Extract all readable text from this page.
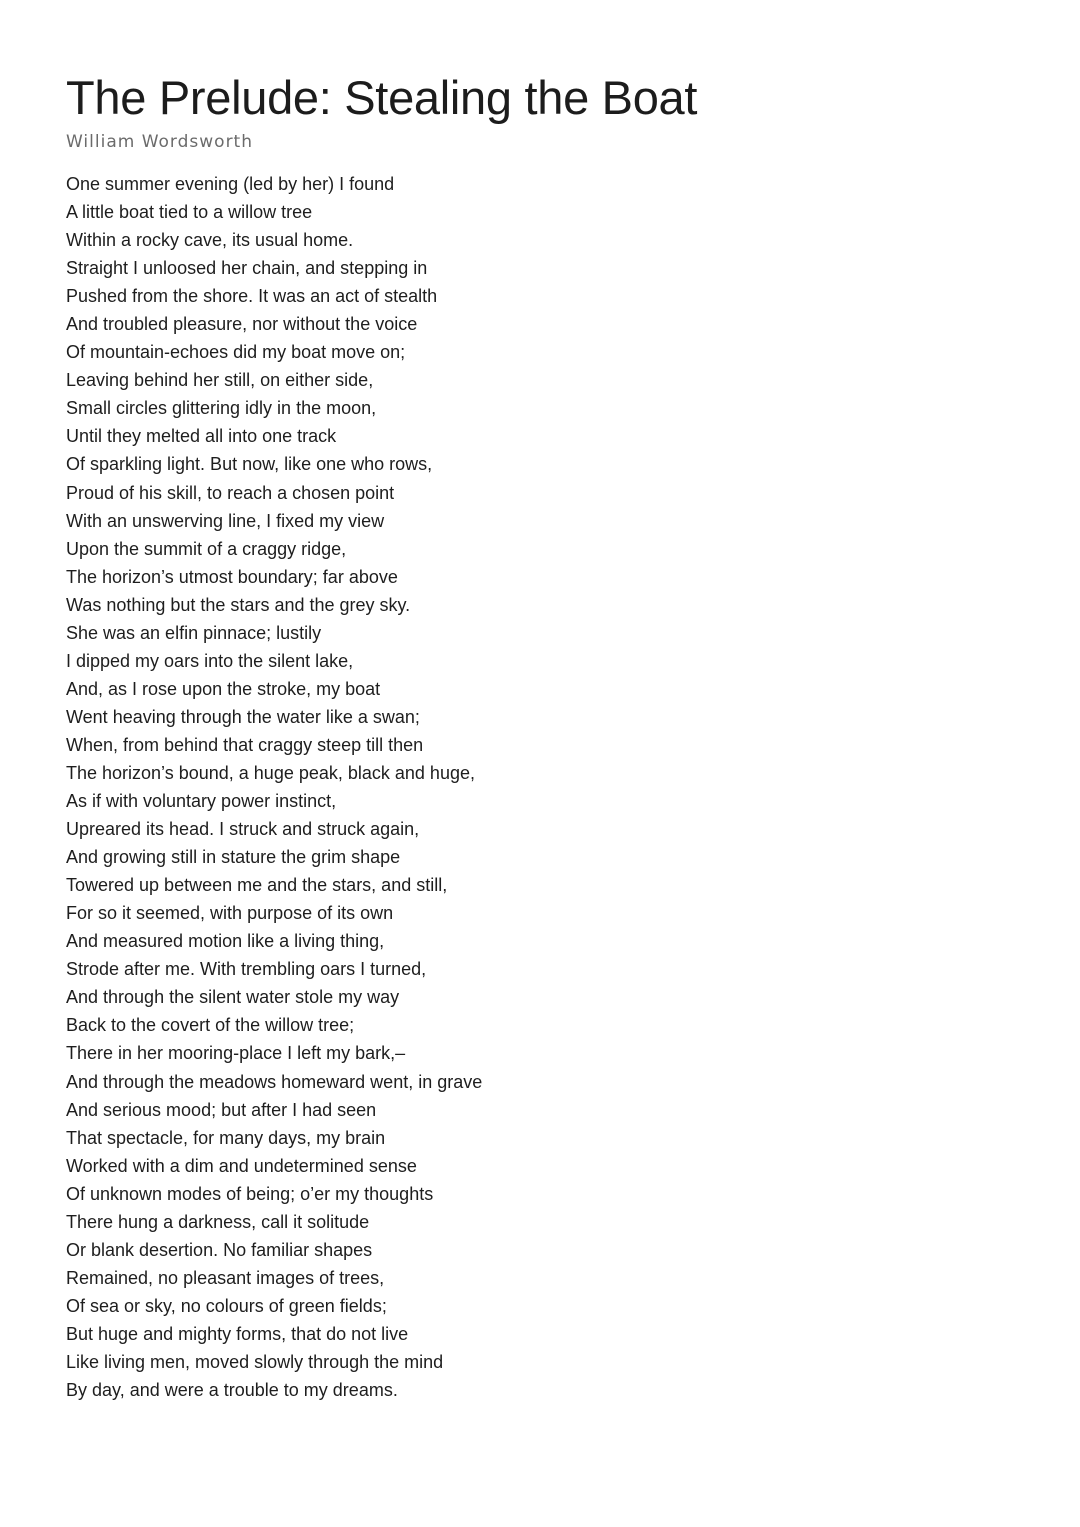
The Prelude: Stealing the Boat
William Wordsworth
One summer evening (led by her) I found
A little boat tied to a willow tree
Within a rocky cave, its usual home.
Straight I unloosed her chain, and stepping in
Pushed from the shore. It was an act of stealth
And troubled pleasure, nor without the voice
Of mountain-echoes did my boat move on;
Leaving behind her still, on either side,
Small circles glittering idly in the moon,
Until they melted all into one track
Of sparkling light. But now, like one who rows,
Proud of his skill, to reach a chosen point
With an unswerving line, I fixed my view
Upon the summit of a craggy ridge,
The horizon’s utmost boundary; far above
Was nothing but the stars and the grey sky.
She was an elfin pinnace; lustily
I dipped my oars into the silent lake,
And, as I rose upon the stroke, my boat
Went heaving through the water like a swan;
When, from behind that craggy steep till then
The horizon’s bound, a huge peak, black and huge,
As if with voluntary power instinct,
Upreared its head. I struck and struck again,
And growing still in stature the grim shape
Towered up between me and the stars, and still,
For so it seemed, with purpose of its own
And measured motion like a living thing,
Strode after me. With trembling oars I turned,
And through the silent water stole my way
Back to the covert of the willow tree;
There in her mooring-place I left my bark,–
And through the meadows homeward went, in grave
And serious mood; but after I had seen
That spectacle, for many days, my brain
Worked with a dim and undetermined sense
Of unknown modes of being; o’er my thoughts
There hung a darkness, call it solitude
Or blank desertion. No familiar shapes
Remained, no pleasant images of trees,
Of sea or sky, no colours of green fields;
But huge and mighty forms, that do not live
Like living men, moved slowly through the mind
By day, and were a trouble to my dreams.
